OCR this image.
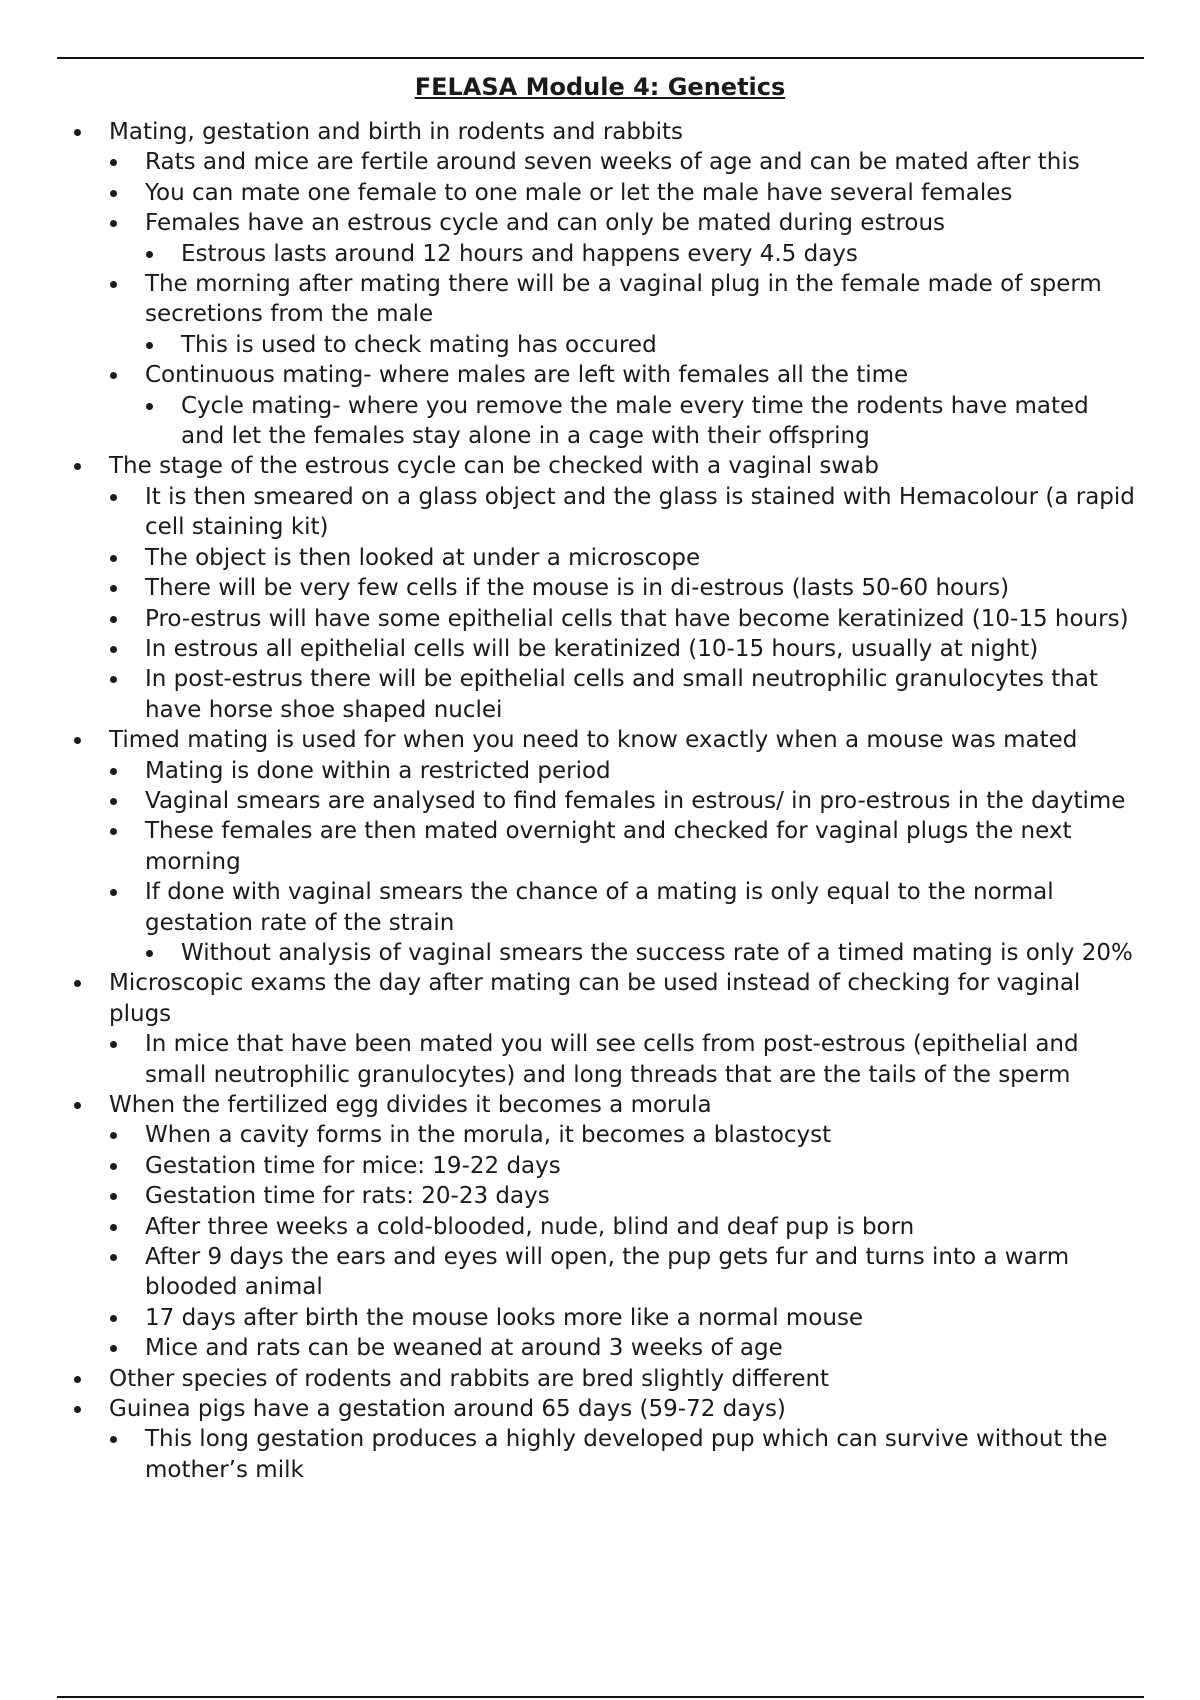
FELASA Module 4: Genetics
Mating, gestation and birth in rodents and rabbits
Rats and mice are fertile around seven weeks of age and can be mated after this
You can mate one female to one male or let the male have several females
Females have an estrous cycle and can only be mated during estrous
Estrous lasts around 12 hours and happens every 4.5 days
The morning after mating there will be a vaginal plug in the female made of sperm secretions from the male
This is used to check mating has occured
Continuous mating- where males are left with females all the time
Cycle mating- where you remove the male every time the rodents have mated and let the females stay alone in a cage with their offspring
The stage of the estrous cycle can be checked with a vaginal swab
It is then smeared on a glass object and the glass is stained with Hemacolour (a rapid cell staining kit)
The object is then looked at under a microscope
There will be very few cells if the mouse is in di-estrous (lasts 50-60 hours)
Pro-estrus will have some epithelial cells that have become keratinized (10-15 hours)
In estrous all epithelial cells will be keratinized (10-15 hours, usually at night)
In post-estrus there will be epithelial cells and small neutrophilic granulocytes that have horse shoe shaped nuclei
Timed mating is used for when you need to know exactly when a mouse was mated
Mating is done within a restricted period
Vaginal smears are analysed to find females in estrous/ in pro-estrous in the daytime
These females are then mated overnight and checked for vaginal plugs the next morning
If done with vaginal smears the chance of a mating is only equal to the normal gestation rate of the strain
Without analysis of vaginal smears the success rate of a timed mating is only 20%
Microscopic exams the day after mating can be used instead of checking for vaginal plugs
In mice that have been mated you will see cells from post-estrous (epithelial and small neutrophilic granulocytes) and long threads that are the tails of the sperm
When the fertilized egg divides it becomes a morula
When a cavity forms in the morula, it becomes a blastocyst
Gestation time for mice: 19-22 days
Gestation time for rats: 20-23 days
After three weeks a cold-blooded, nude, blind and deaf pup is born
After 9 days the ears and eyes will open, the pup gets fur and turns into a warm blooded animal
17 days after birth the mouse looks more like a normal mouse
Mice and rats can be weaned at around 3 weeks of age
Other species of rodents and rabbits are bred slightly different
Guinea pigs have a gestation around 65 days (59-72 days)
This long gestation produces a highly developed pup which can survive without the mother’s milk
